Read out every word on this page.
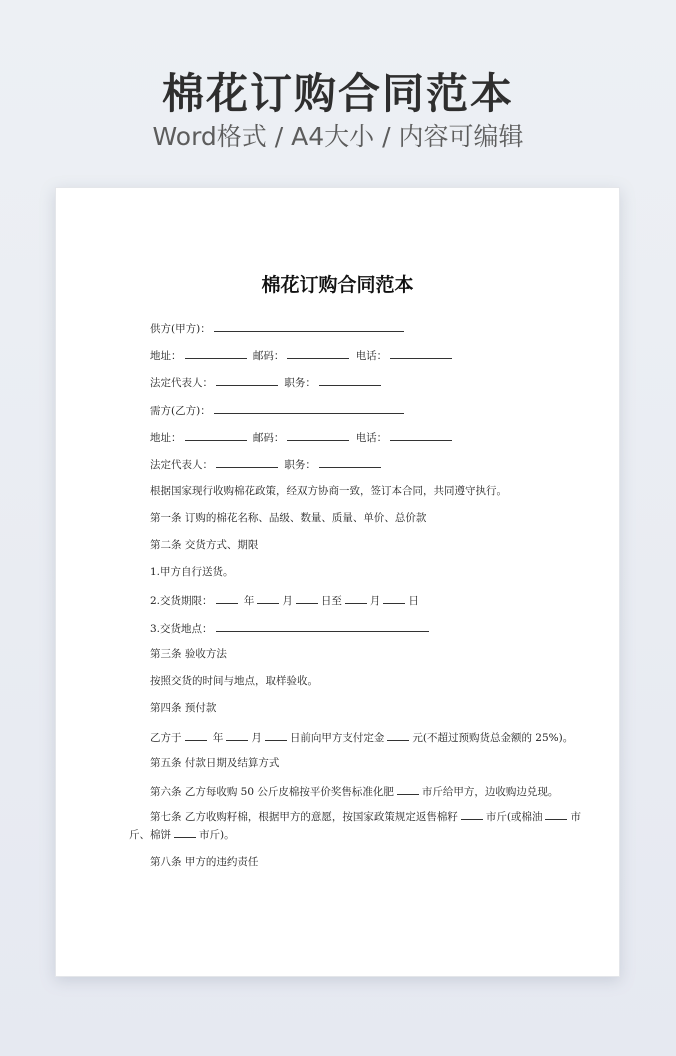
棉花订购合同范本
Word格式 / A4大小 / 内容可编辑
棉花订购合同范本
供方(甲方)：
地址：	邮码：	电话：
法定代表人：	职务：
需方(乙方)：
地址：	邮码：	电话：
法定代表人：	职务：
根据国家现行收购棉花政策，经双方协商一致，签订本合同，共同遵守执行。
第一条 订购的棉花名称、品级、数量、质量、单价、总价款
第二条 交货方式、期限
1.甲方自行送货。
2.交货期限：	年	月	日至	月	日
3.交货地点：
第三条 验收方法
按照交货的时间与地点，取样验收。
第四条 预付款
乙方于	年	月	日前向甲方支付定金	元(不超过预购货总金额的 25%)。
第五条 付款日期及结算方式
第六条 乙方每收购 50 公斤皮棉按平价奖售标准化肥	市斤给甲方，边收购边兑现。
第七条 乙方收购籽棉，根据甲方的意愿，按国家政策规定返售棉籽	市斤(或棉油	市斤、棉饼	市斤)。
第八条 甲方的违约责任
